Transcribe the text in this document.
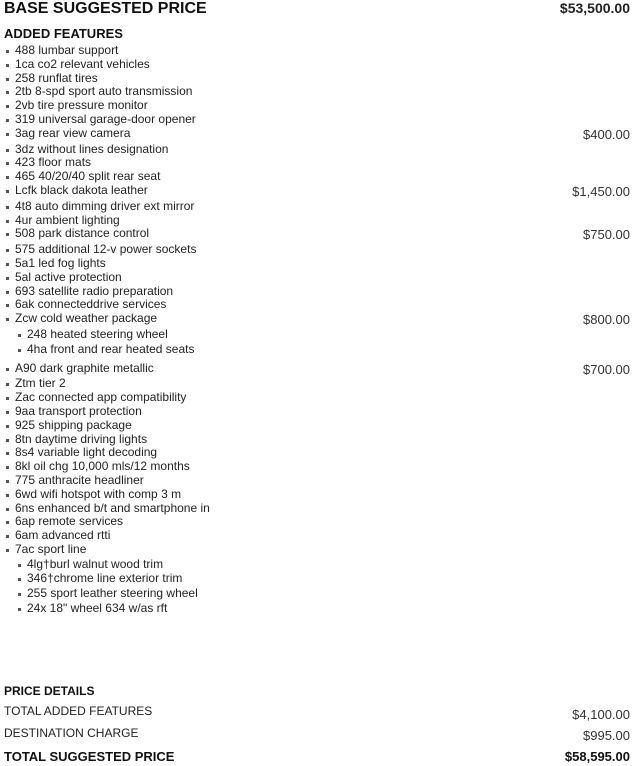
BASE SUGGESTED PRICE	$53,500.00
ADDED FEATURES
488 lumbar support
1ca co2 relevant vehicles
258 runflat tires
2tb 8-spd sport auto transmission
2vb tire pressure monitor
319 universal garage-door opener
3ag rear view camera	$400.00
3dz without lines designation
423 floor mats
465 40/20/40 split rear seat
Lcfk black dakota leather	$1,450.00
4t8 auto dimming driver ext mirror
4ur ambient lighting
508 park distance control	$750.00
575 additional 12-v power sockets
5a1 led fog lights
5al active protection
693 satellite radio preparation
6ak connecteddrive services
Zcw cold weather package	$800.00
248 heated steering wheel
4ha front and rear heated seats
A90 dark graphite metallic	$700.00
Ztm tier 2
Zac connected app compatibility
9aa transport protection
925 shipping package
8tn daytime driving lights
8s4 variable light decoding
8kl oil chg 10,000 mls/12 months
775 anthracite headliner
6wd wifi hotspot with comp 3 m
6ns enhanced b/t and smartphone in
6ap remote services
6am advanced rtti
7ac sport line
4lg†burl walnut wood trim
346†chrome line exterior trim
255 sport leather steering wheel
24x 18" wheel 634 w/as rft
PRICE DETAILS
TOTAL ADDED FEATURES	$4,100.00
DESTINATION CHARGE	$995.00
TOTAL SUGGESTED PRICE	$58,595.00
